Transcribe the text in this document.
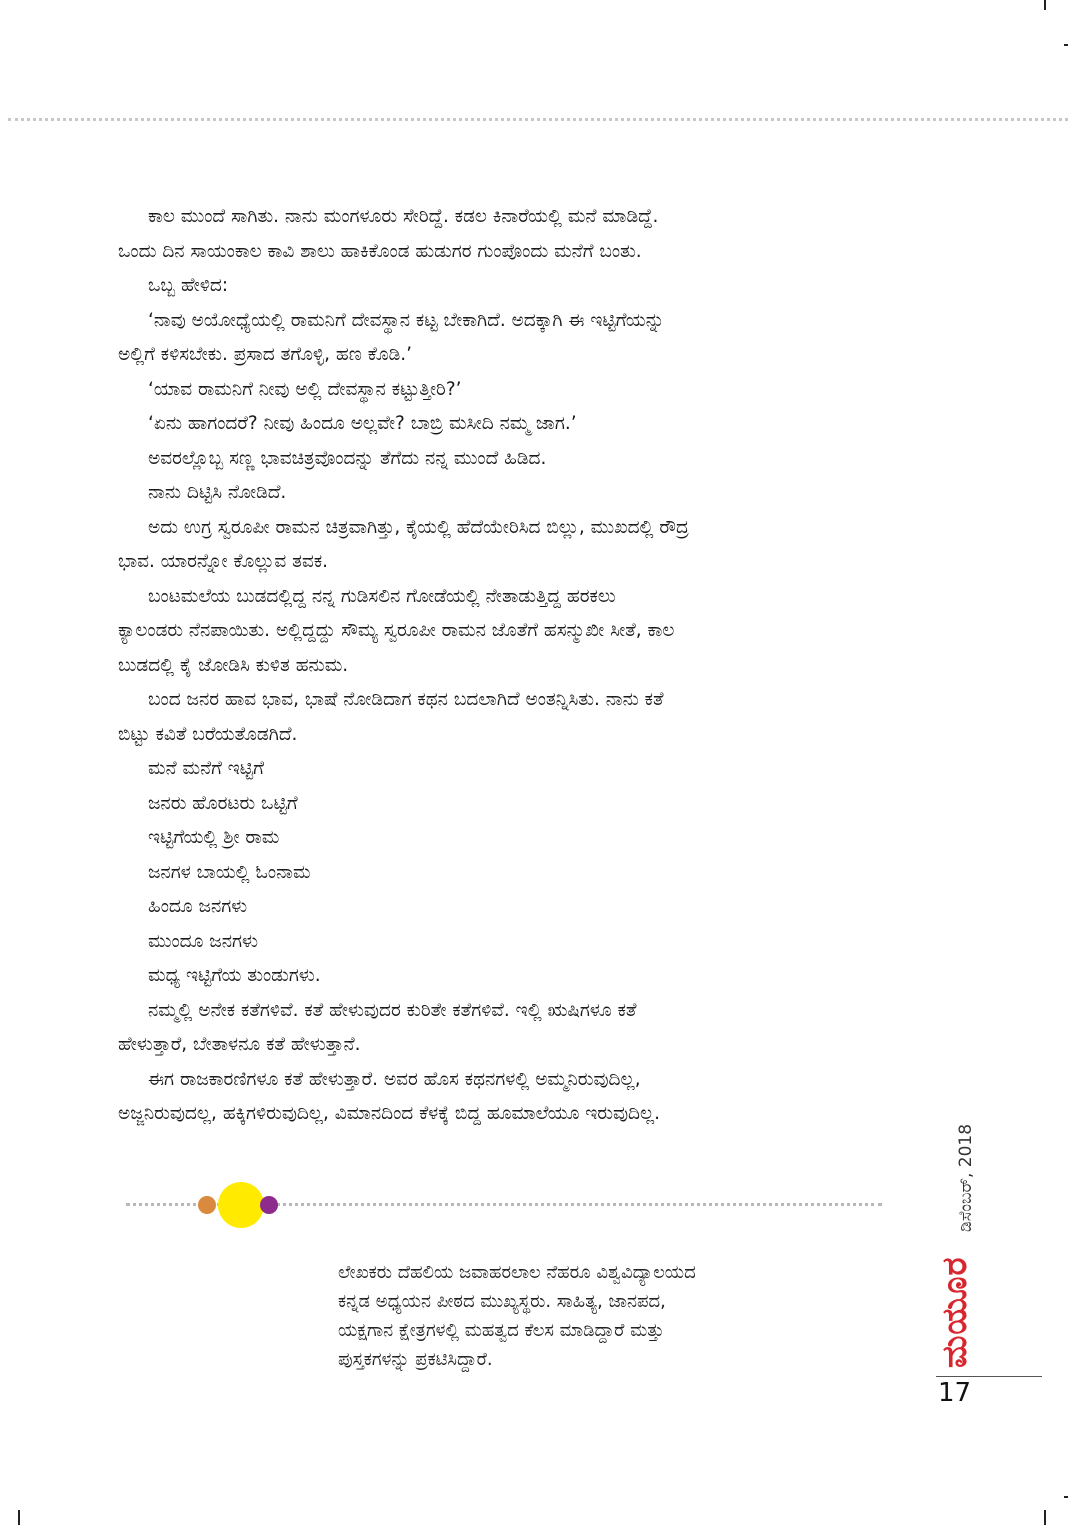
ಕಾಲ ಮುಂದೆ ಸಾಗಿತು. ನಾನು ಮಂಗಳೂರು ಸೇರಿದ್ದೆ. ಕಡಲ ಕಿನಾರೆಯಲ್ಲಿ ಮನೆ ಮಾಡಿದ್ದೆ.

ಒಂದು ದಿನ ಸಾಯಂಕಾಲ ಕಾವಿ ಶಾಲು ಹಾಕಿಕೊಂಡ ಹುಡುಗರ ಗುಂಪೊಂದು ಮನೆಗೆ ಬಂತು.

ಒಬ್ಬ ಹೇಳಿದ:

‘ನಾವು ಅಯೋಧ್ಯೆಯಲ್ಲಿ ರಾಮನಿಗೆ ದೇವಸ್ಥಾನ ಕಟ್ಟ ಬೇಕಾಗಿದೆ. ಅದಕ್ಕಾಗಿ ಈ ಇಟ್ಟಿಗೆಯನ್ನು

ಅಲ್ಲಿಗೆ ಕಳಿಸಬೇಕು. ಪ್ರಸಾದ ತಗೊಳ್ಳಿ, ಹಣ ಕೊಡಿ.’

‘ಯಾವ ರಾಮನಿಗೆ ನೀವು ಅಲ್ಲಿ ದೇವಸ್ಥಾನ ಕಟ್ಟುತ್ತೀರಿ?’

‘ಏನು ಹಾಗಂದರೆ? ನೀವು ಹಿಂದೂ ಅಲ್ಲವೇ? ಬಾಬ್ರಿ ಮಸೀದಿ ನಮ್ಮ ಜಾಗ.’

ಅವರಲ್ಲೊಬ್ಬ ಸಣ್ಣ ಭಾವಚಿತ್ರವೊಂದನ್ನು ತೆಗೆದು ನನ್ನ ಮುಂದೆ ಹಿಡಿದ.

ನಾನು ದಿಟ್ಟಿಸಿ ನೋಡಿದೆ.

ಅದು ಉಗ್ರ ಸ್ವರೂಪೀ ರಾಮನ ಚಿತ್ರವಾಗಿತ್ತು, ಕೈಯಲ್ಲಿ ಹೆದೆಯೇರಿಸಿದ ಬಿಲ್ಲು, ಮುಖದಲ್ಲಿ ರೌದ್ರ

ಭಾವ. ಯಾರನ್ನೋ ಕೊಲ್ಲುವ ತವಕ.

ಬಂಟಮಲೆಯ ಬುಡದಲ್ಲಿದ್ದ ನನ್ನ ಗುಡಿಸಲಿನ ಗೋಡೆಯಲ್ಲಿ ನೇತಾಡುತ್ತಿದ್ದ ಹರಕಲು

ಕ್ಯಾಲಂಡರು ನೆನಪಾಯಿತು. ಅಲ್ಲಿದ್ದದ್ದು ಸೌಮ್ಯ ಸ್ವರೂಪೀ ರಾಮನ ಜೊತೆಗೆ ಹಸನ್ಮುಖೀ ಸೀತೆ, ಕಾಲ

ಬುಡದಲ್ಲಿ ಕೈ ಜೋಡಿಸಿ ಕುಳಿತ ಹನುಮ.

ಬಂದ ಜನರ ಹಾವ ಭಾವ, ಭಾಷೆ ನೋಡಿದಾಗ ಕಥನ ಬದಲಾಗಿದೆ ಅಂತನ್ನಿಸಿತು. ನಾನು ಕತೆ

ಬಿಟ್ಟು ಕವಿತೆ ಬರೆಯತೊಡಗಿದೆ.

ಮನೆ ಮನೆಗೆ ಇಟ್ಟಿಗೆ

ಜನರು ಹೊರಟರು ಒಟ್ಟಿಗೆ

ಇಟ್ಟಿಗೆಯಲ್ಲಿ ಶ್ರೀ ರಾಮ

ಜನಗಳ ಬಾಯಲ್ಲಿ ಓಂನಾಮ

ಹಿಂದೂ ಜನಗಳು

ಮುಂದೂ ಜನಗಳು

ಮಧ್ಯ ಇಟ್ಟಿಗೆಯ ತುಂಡುಗಳು.

ನಮ್ಮಲ್ಲಿ ಅನೇಕ ಕತೆಗಳಿವೆ. ಕತೆ ಹೇಳುವುದರ ಕುರಿತೇ ಕತೆಗಳಿವೆ. ಇಲ್ಲಿ ಋಷಿಗಳೂ ಕತೆ

ಹೇಳುತ್ತಾರೆ, ಬೇತಾಳನೂ ಕತೆ ಹೇಳುತ್ತಾನೆ.

ಈಗ ರಾಜಕಾರಣಿಗಳೂ ಕತೆ ಹೇಳುತ್ತಾರೆ. ಅವರ ಹೊಸ ಕಥನಗಳಲ್ಲಿ ಅಮ್ಮನಿರುವುದಿಲ್ಲ,

ಅಜ್ಜನಿರುವುದಲ್ಲ, ಹಕ್ಕಿಗಳಿರುವುದಿಲ್ಲ, ವಿಮಾನದಿಂದ ಕೆಳಕ್ಕೆ ಬಿದ್ದ ಹೂಮಾಲೆಯೂ ಇರುವುದಿಲ್ಲ.

ಲೇಖಕರು ದೆಹಲಿಯ ಜವಾಹರಲಾಲ ನೆಹರೂ ವಿಶ್ವವಿದ್ಯಾಲಯದ

ಕನ್ನಡ ಅಧ್ಯಯನ ಪೀಠದ ಮುಖ್ಯಸ್ಥರು. ಸಾಹಿತ್ಯ, ಜಾನಪದ,

ಯಕ್ಷಗಾನ ಕ್ಷೇತ್ರಗಳಲ್ಲಿ ಮಹತ್ವದ ಕೆಲಸ ಮಾಡಿದ್ದಾರೆ ಮತ್ತು

ಪುಸ್ತಕಗಳನ್ನು ಪ್ರಕಟಿಸಿದ್ದಾರೆ.

ಡಿಸೆಂಬರ್, 2018
ಮಯೂರ
17
